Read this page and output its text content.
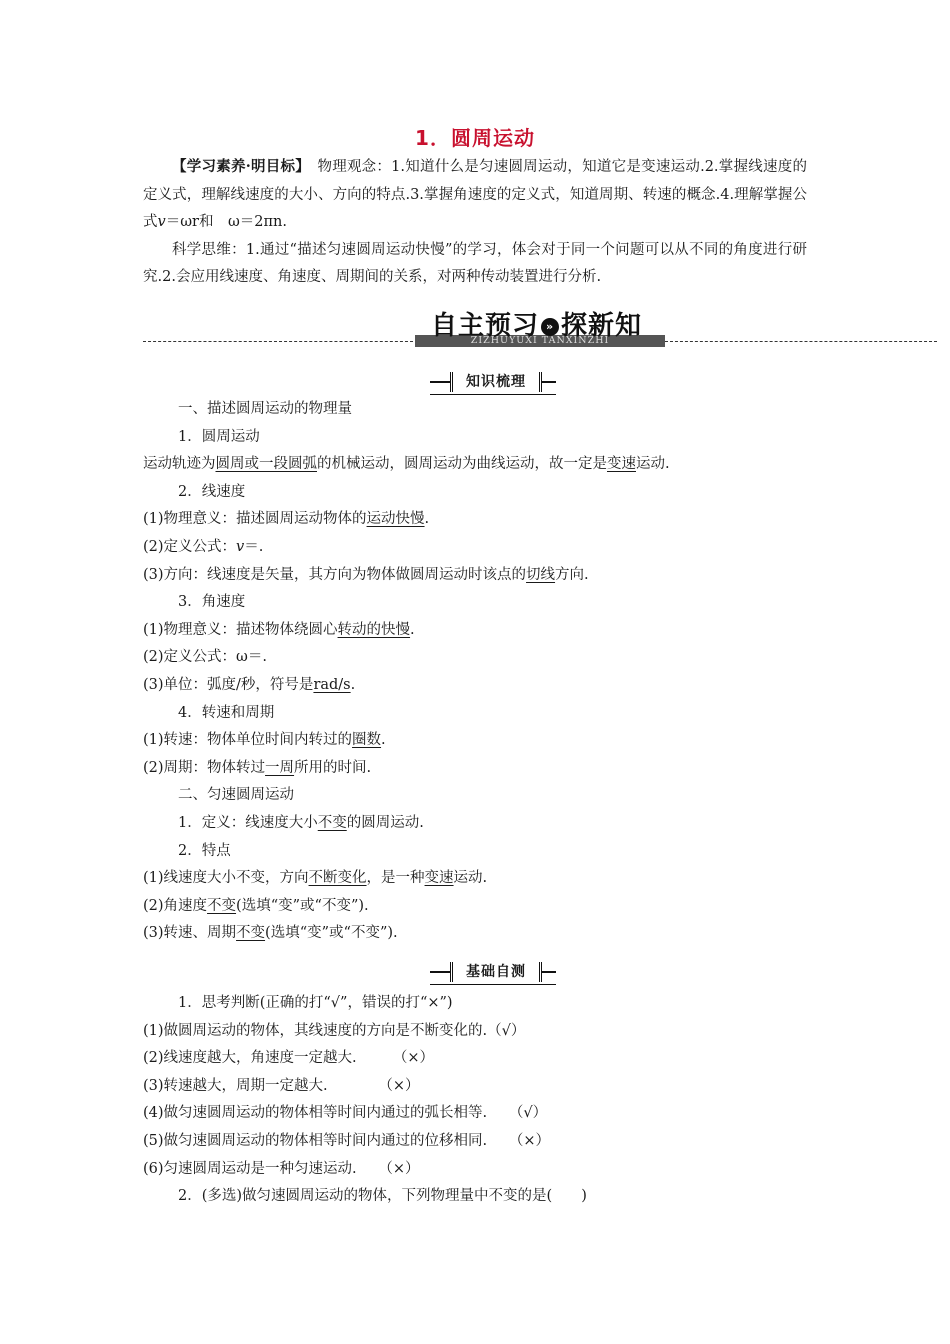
1．圆周运动

【学习素养·明目标】　物理观念：1.知道什么是匀速圆周运动，知道它是变速运动.2.掌握线速度的定义式，理解线速度的大小、方向的特点.3.掌握角速度的定义式，知道周期、转速的概念.4.理解掌握公式v＝ωr和　 ω＝2πn.

科学思维：1.通过“描述匀速圆周运动快慢”的学习，体会对于同一个问题可以从不同的角度进行研究.2.会应用线速度、角速度、周期间的关系，对两种传动装置进行分析.

ZIZHUYUXI TANXINZHI
自主预习 » 探新知
知识梳理

一、描述圆周运动的物理量

1．圆周运动

运动轨迹为圆周或一段圆弧的机械运动，圆周运动为曲线运动，故一定是变速运动.

2．线速度

(1)物理意义：描述圆周运动物体的运动快慢.

(2)定义公式：v＝.

(3)方向：线速度是矢量，其方向为物体做圆周运动时该点的切线方向.

3．角速度

(1)物理意义：描述物体绕圆心转动的快慢.

(2)定义公式：ω＝.

(3)单位：弧度/秒，符号是rad/s.

4．转速和周期

(1)转速：物体单位时间内转过的圈数.

(2)周期：物体转过一周所用的时间.

二、匀速圆周运动

1．定义：线速度大小不变的圆周运动.

2．特点

(1)线速度大小不变，方向不断变化，是一种变速运动.

(2)角速度不变(选填“变”或“不变”).

(3)转速、周期不变(选填“变”或“不变”).

基础自测

1．思考判断(正确的打“√”，错误的打“×”)

(1)做圆周运动的物体，其线速度的方向是不断变化的.（√）

(2)线速度越大，角速度一定越大.　　　（×）

(3)转速越大，周期一定越大.　　　　（×）

(4)做匀速圆周运动的物体相等时间内通过的弧长相等.　　（√）

(5)做匀速圆周运动的物体相等时间内通过的位移相同.　　（×）

(6)匀速圆周运动是一种匀速运动.　　（×）

2．(多选)做匀速圆周运动的物体，下列物理量中不变的是(　　)
